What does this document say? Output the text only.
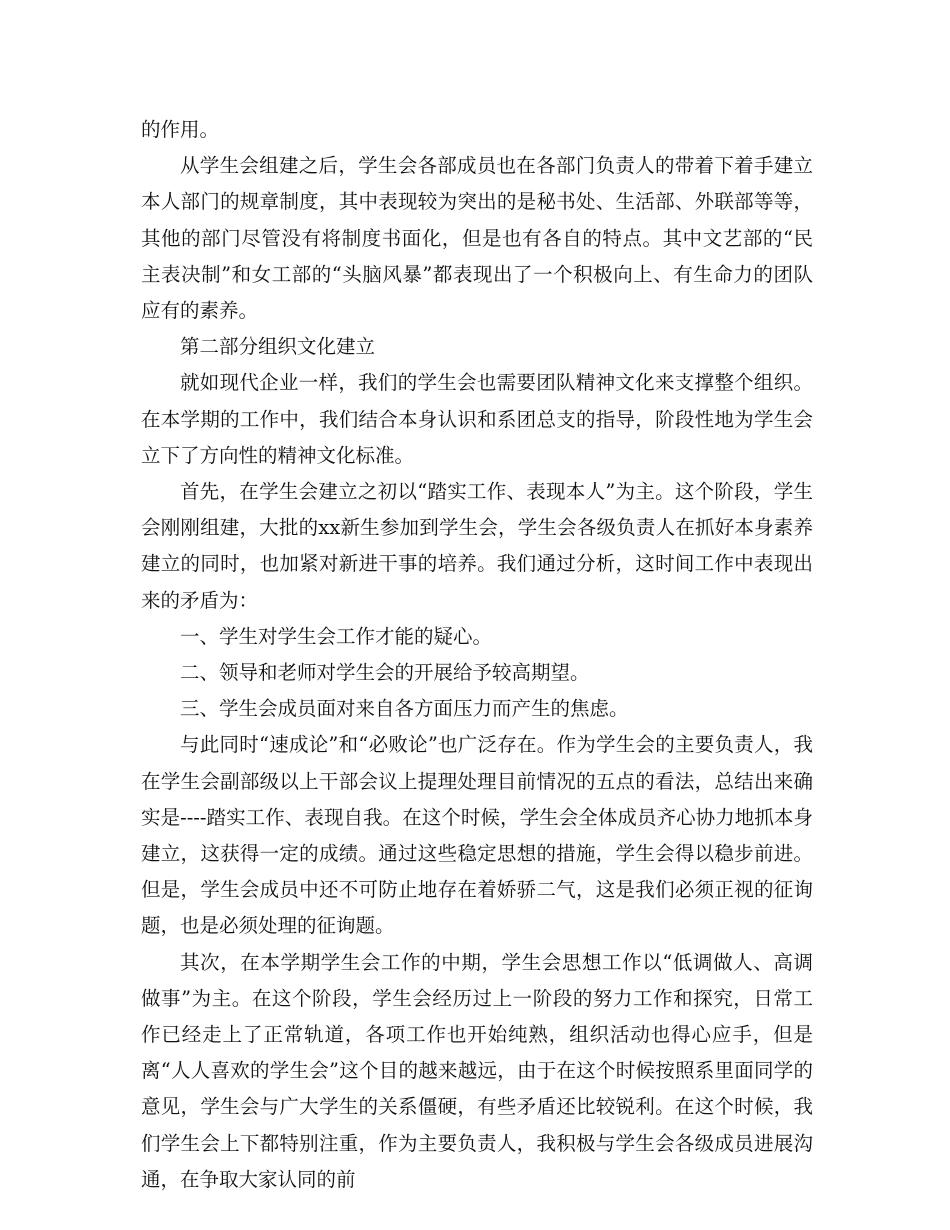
的作用。

从学生会组建之后，学生会各部成员也在各部门负责人的带着下着手建立本人部门的规章制度，其中表现较为突出的是秘书处、生活部、外联部等等，其他的部门尽管没有将制度书面化，但是也有各自的特点。其中文艺部的“民主表决制”和女工部的“头脑风暴”都表现出了一个积极向上、有生命力的团队应有的素养。

第二部分组织文化建立

就如现代企业一样，我们的学生会也需要团队精神文化来支撑整个组织。在本学期的工作中，我们结合本身认识和系团总支的指导，阶段性地为学生会立下了方向性的精神文化标准。

首先，在学生会建立之初以“踏实工作、表现本人”为主。这个阶段，学生会刚刚组建，大批的xx新生参加到学生会，学生会各级负责人在抓好本身素养建立的同时，也加紧对新进干事的培养。我们通过分析，这时间工作中表现出来的矛盾为：

一、学生对学生会工作才能的疑心。

二、领导和老师对学生会的开展给予较高期望。

三、学生会成员面对来自各方面压力而产生的焦虑。

与此同时“速成论”和“必败论”也广泛存在。作为学生会的主要负责人，我在学生会副部级以上干部会议上提理处理目前情况的五点的看法，总结出来确实是----踏实工作、表现自我。在这个时候，学生会全体成员齐心协力地抓本身建立，这获得一定的成绩。通过这些稳定思想的措施，学生会得以稳步前进。但是，学生会成员中还不可防止地存在着娇骄二气，这是我们必须正视的征询题，也是必须处理的征询题。

其次，在本学期学生会工作的中期，学生会思想工作以“低调做人、高调做事”为主。在这个阶段，学生会经历过上一阶段的努力工作和探究，日常工作已经走上了正常轨道，各项工作也开始纯熟，组织活动也得心应手，但是离“人人喜欢的学生会”这个目的越来越远，由于在这个时候按照系里面同学的意见，学生会与广大学生的关系僵硬，有些矛盾还比较锐利。在这个时候，我们学生会上下都特别注重，作为主要负责人，我积极与学生会各级成员进展沟通，在争取大家认同的前
